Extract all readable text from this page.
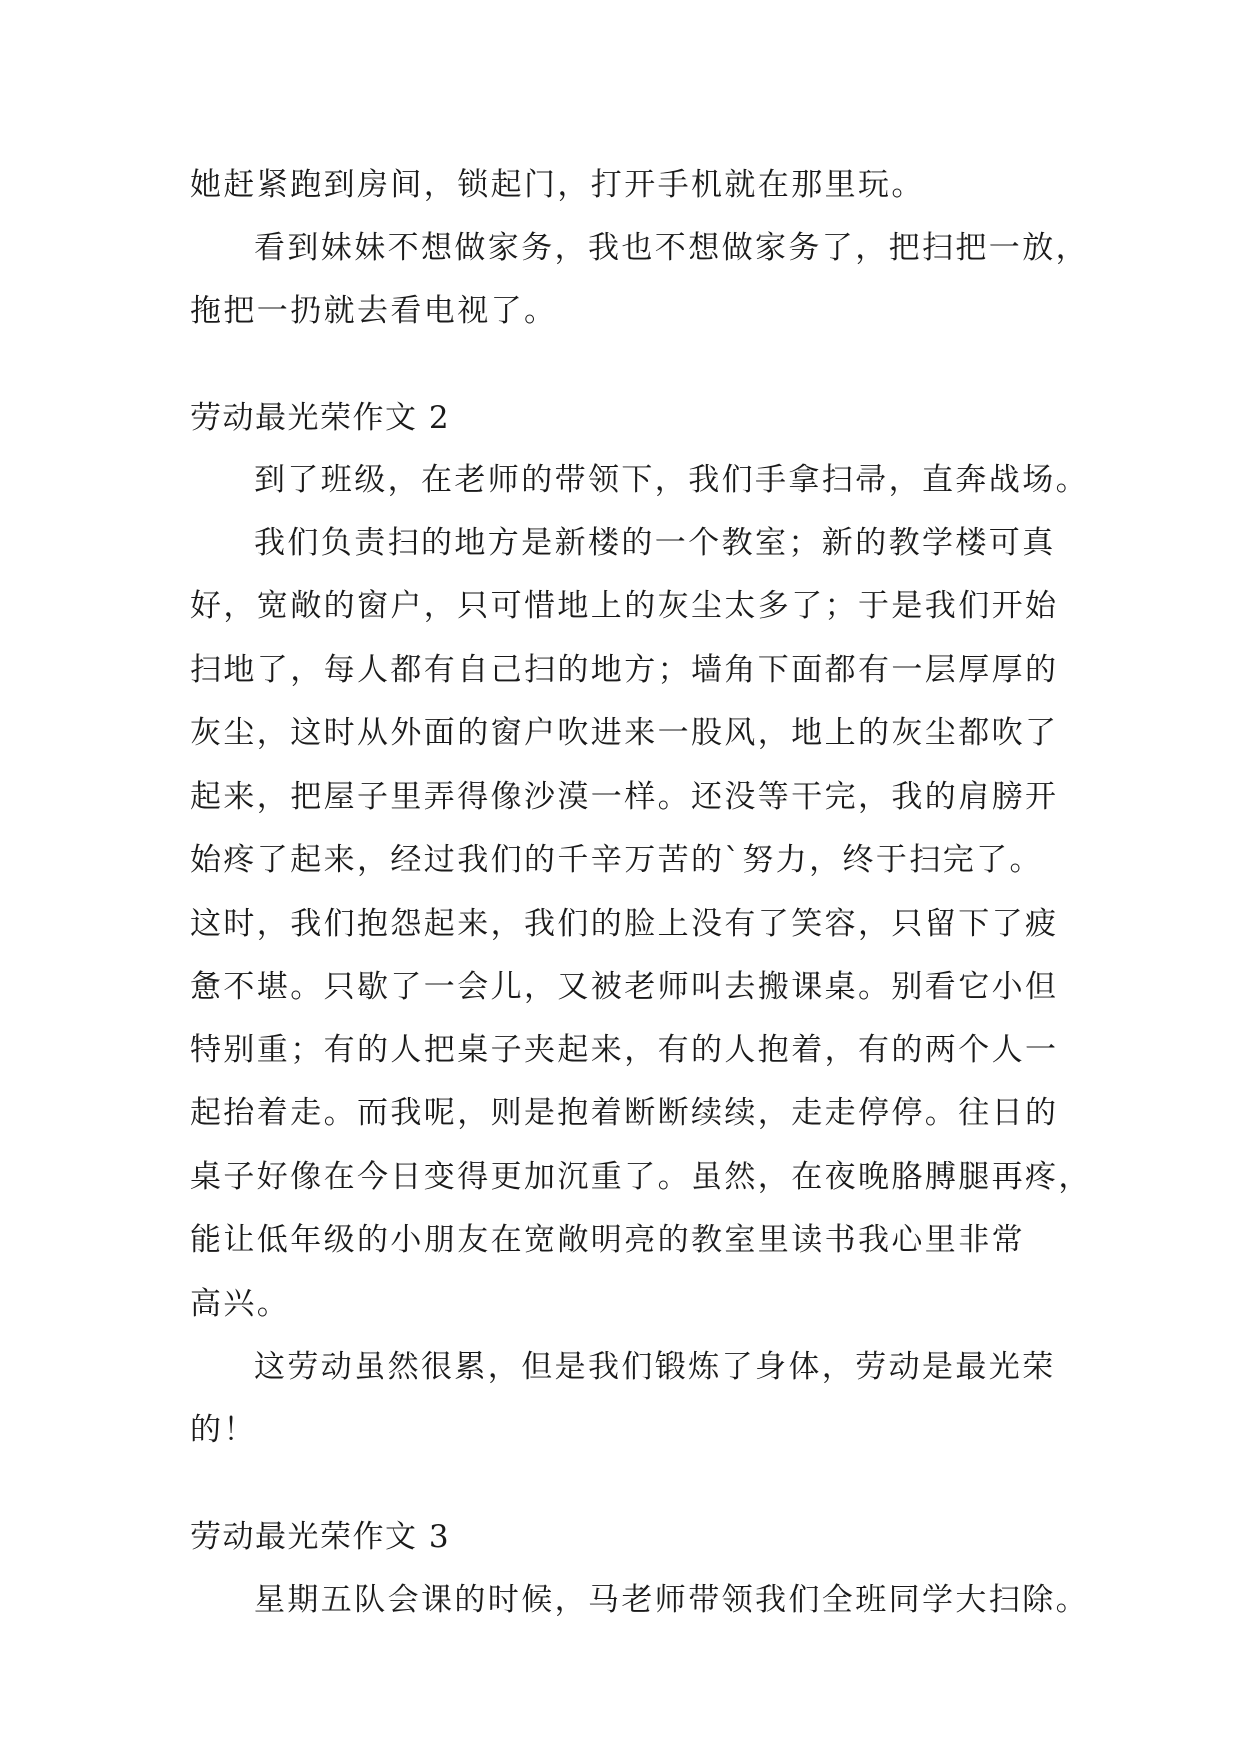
她赶紧跑到房间，锁起门，打开手机就在那里玩。
看到妹妹不想做家务，我也不想做家务了，把扫把一放，
拖把一扔就去看电视了。
劳动最光荣作文 2
到了班级，在老师的带领下，我们手拿扫帚，直奔战场。
我们负责扫的地方是新楼的一个教室；新的教学楼可真
好，宽敞的窗户，只可惜地上的灰尘太多了；于是我们开始
扫地了，每人都有自己扫的地方；墙角下面都有一层厚厚的
灰尘，这时从外面的窗户吹进来一股风，地上的灰尘都吹了
起来，把屋子里弄得像沙漠一样。还没等干完，我的肩膀开
始疼了起来，经过我们的千辛万苦的`努力，终于扫完了。
这时，我们抱怨起来，我们的脸上没有了笑容，只留下了疲
惫不堪。只歇了一会儿，又被老师叫去搬课桌。别看它小但
特别重；有的人把桌子夹起来，有的人抱着，有的两个人一
起抬着走。而我呢，则是抱着断断续续，走走停停。往日的
桌子好像在今日变得更加沉重了。虽然，在夜晚胳膊腿再疼，
能让低年级的小朋友在宽敞明亮的教室里读书我心里非常
高兴。
这劳动虽然很累，但是我们锻炼了身体，劳动是最光荣
的！
劳动最光荣作文 3
星期五队会课的时候，马老师带领我们全班同学大扫除。
